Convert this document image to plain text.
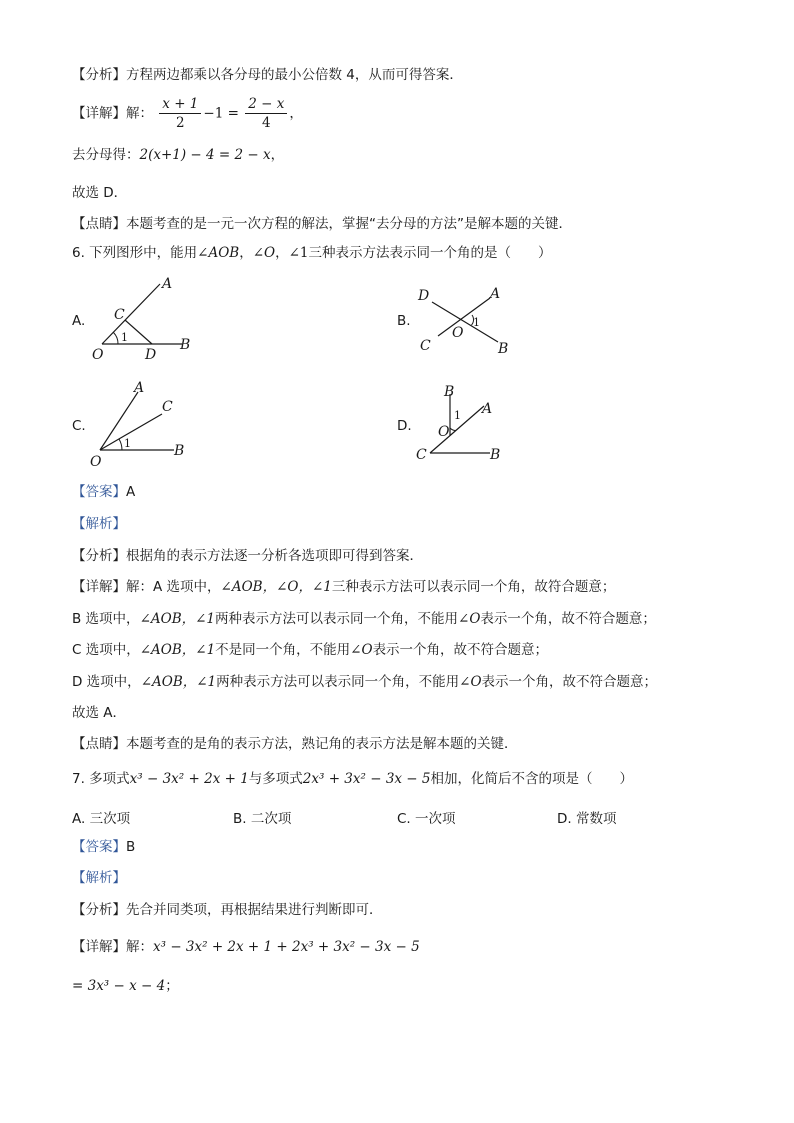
【分析】方程两边都乘以各分母的最小公倍数 4，从而可得答案．
【详解】解： $\frac{x + 1}{2} -1 = \frac{2 - x}{4}$ ，
去分母得：2(x+1) − 4 = 2 − x，
故选 D．
【点睛】本题考查的是一元一次方程的解法，掌握“去分母的方法”是解本题的关键．
6. 下列图形中，能用∠AOB，∠O，∠1三种表示方法表示同一个角的是（　　）
A.
A
C
1
O	D
B
B.
D	A
O
1
C	B
C.
A
C
1
O
B
D.
B
1 A
O
C	B
【答案】A
【解析】
【分析】根据角的表示方法逐一分析各选项即可得到答案．
【详解】解：A 选项中，∠AOB，∠O，∠1三种表示方法可以表示同一个角，故符合题意；
B 选项中，∠AOB，∠1两种表示方法可以表示同一个角，不能用∠O表示一个角，故不符合题意；
C 选项中，∠AOB，∠1不是同一个角，不能用∠O表示一个角，故不符合题意；
D 选项中，∠AOB，∠1两种表示方法可以表示同一个角，不能用∠O表示一个角，故不符合题意；
故选 A．
【点睛】本题考查的是角的表示方法，熟记角的表示方法是解本题的关键．
7. 多项式x³ − 3x² + 2x + 1与多项式2x³ + 3x² − 3x − 5相加，化简后不含的项是（　　）
A. 三次项	B. 二次项	C. 一次项	D. 常数项
【答案】B
【解析】
【分析】先合并同类项，再根据结果进行判断即可．
【详解】解：x³ − 3x² + 2x + 1 + 2x³ + 3x² − 3x − 5
= 3x³ − x − 4；
